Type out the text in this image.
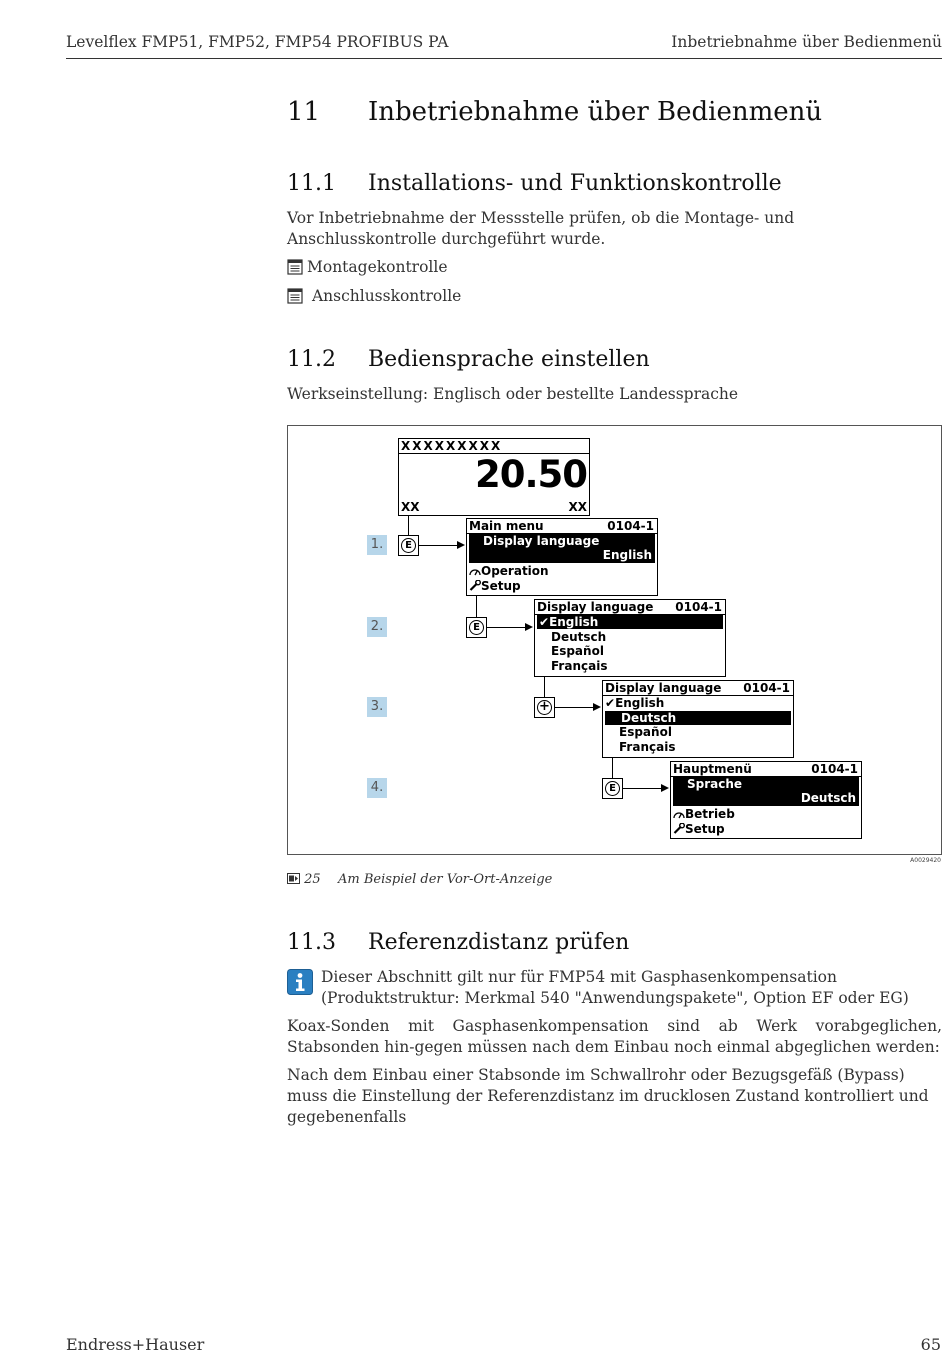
Levelflex FMP51, FMP52, FMP54 PROFIBUS PA	Inbetriebnahme über Bedienmenü
11 Inbetriebnahme über Bedienmenü
11.1 Installations- und Funktionskontrolle
Vor Inbetriebnahme der Messstelle prüfen, ob die Montage- und Anschlusskontrolle durchgeführt wurde.
Montagekontrolle
Anschlusskontrolle
11.2 Bediensprache einstellen
Werkseinstellung: Englisch oder bestellte Landessprache
XXXXXXXXX
20.50
XX	XX
1.
2.
3.
4.
E
E
+
E
Main menu	0104-1
Display language
English
Operation
Setup
Display language 0104-1
✔English
Deutsch
Español
Français
Display language 0104-1
✔English
Deutsch
Español
Français
Hauptmenü	0104-1
Sprache
Deutsch
Betrieb
Setup
A0029420
25 Am Beispiel der Vor-Ort-Anzeige
11.3 Referenzdistanz prüfen
Dieser Abschnitt gilt nur für FMP54 mit Gasphasenkompensation (Produktstruktur: Merkmal 540 "Anwendungspakete", Option EF oder EG)
Koax-Sonden mit Gasphasenkompensation sind ab Werk vorabgeglichen, Stabsonden hin-gegen müssen nach dem Einbau noch einmal abgeglichen werden:
Nach dem Einbau einer Stabsonde im Schwallrohr oder Bezugsgefäß (Bypass) muss die Einstellung der Referenzdistanz im drucklosen Zustand kontrolliert und gegebenenfalls
Endress+Hauser	65
